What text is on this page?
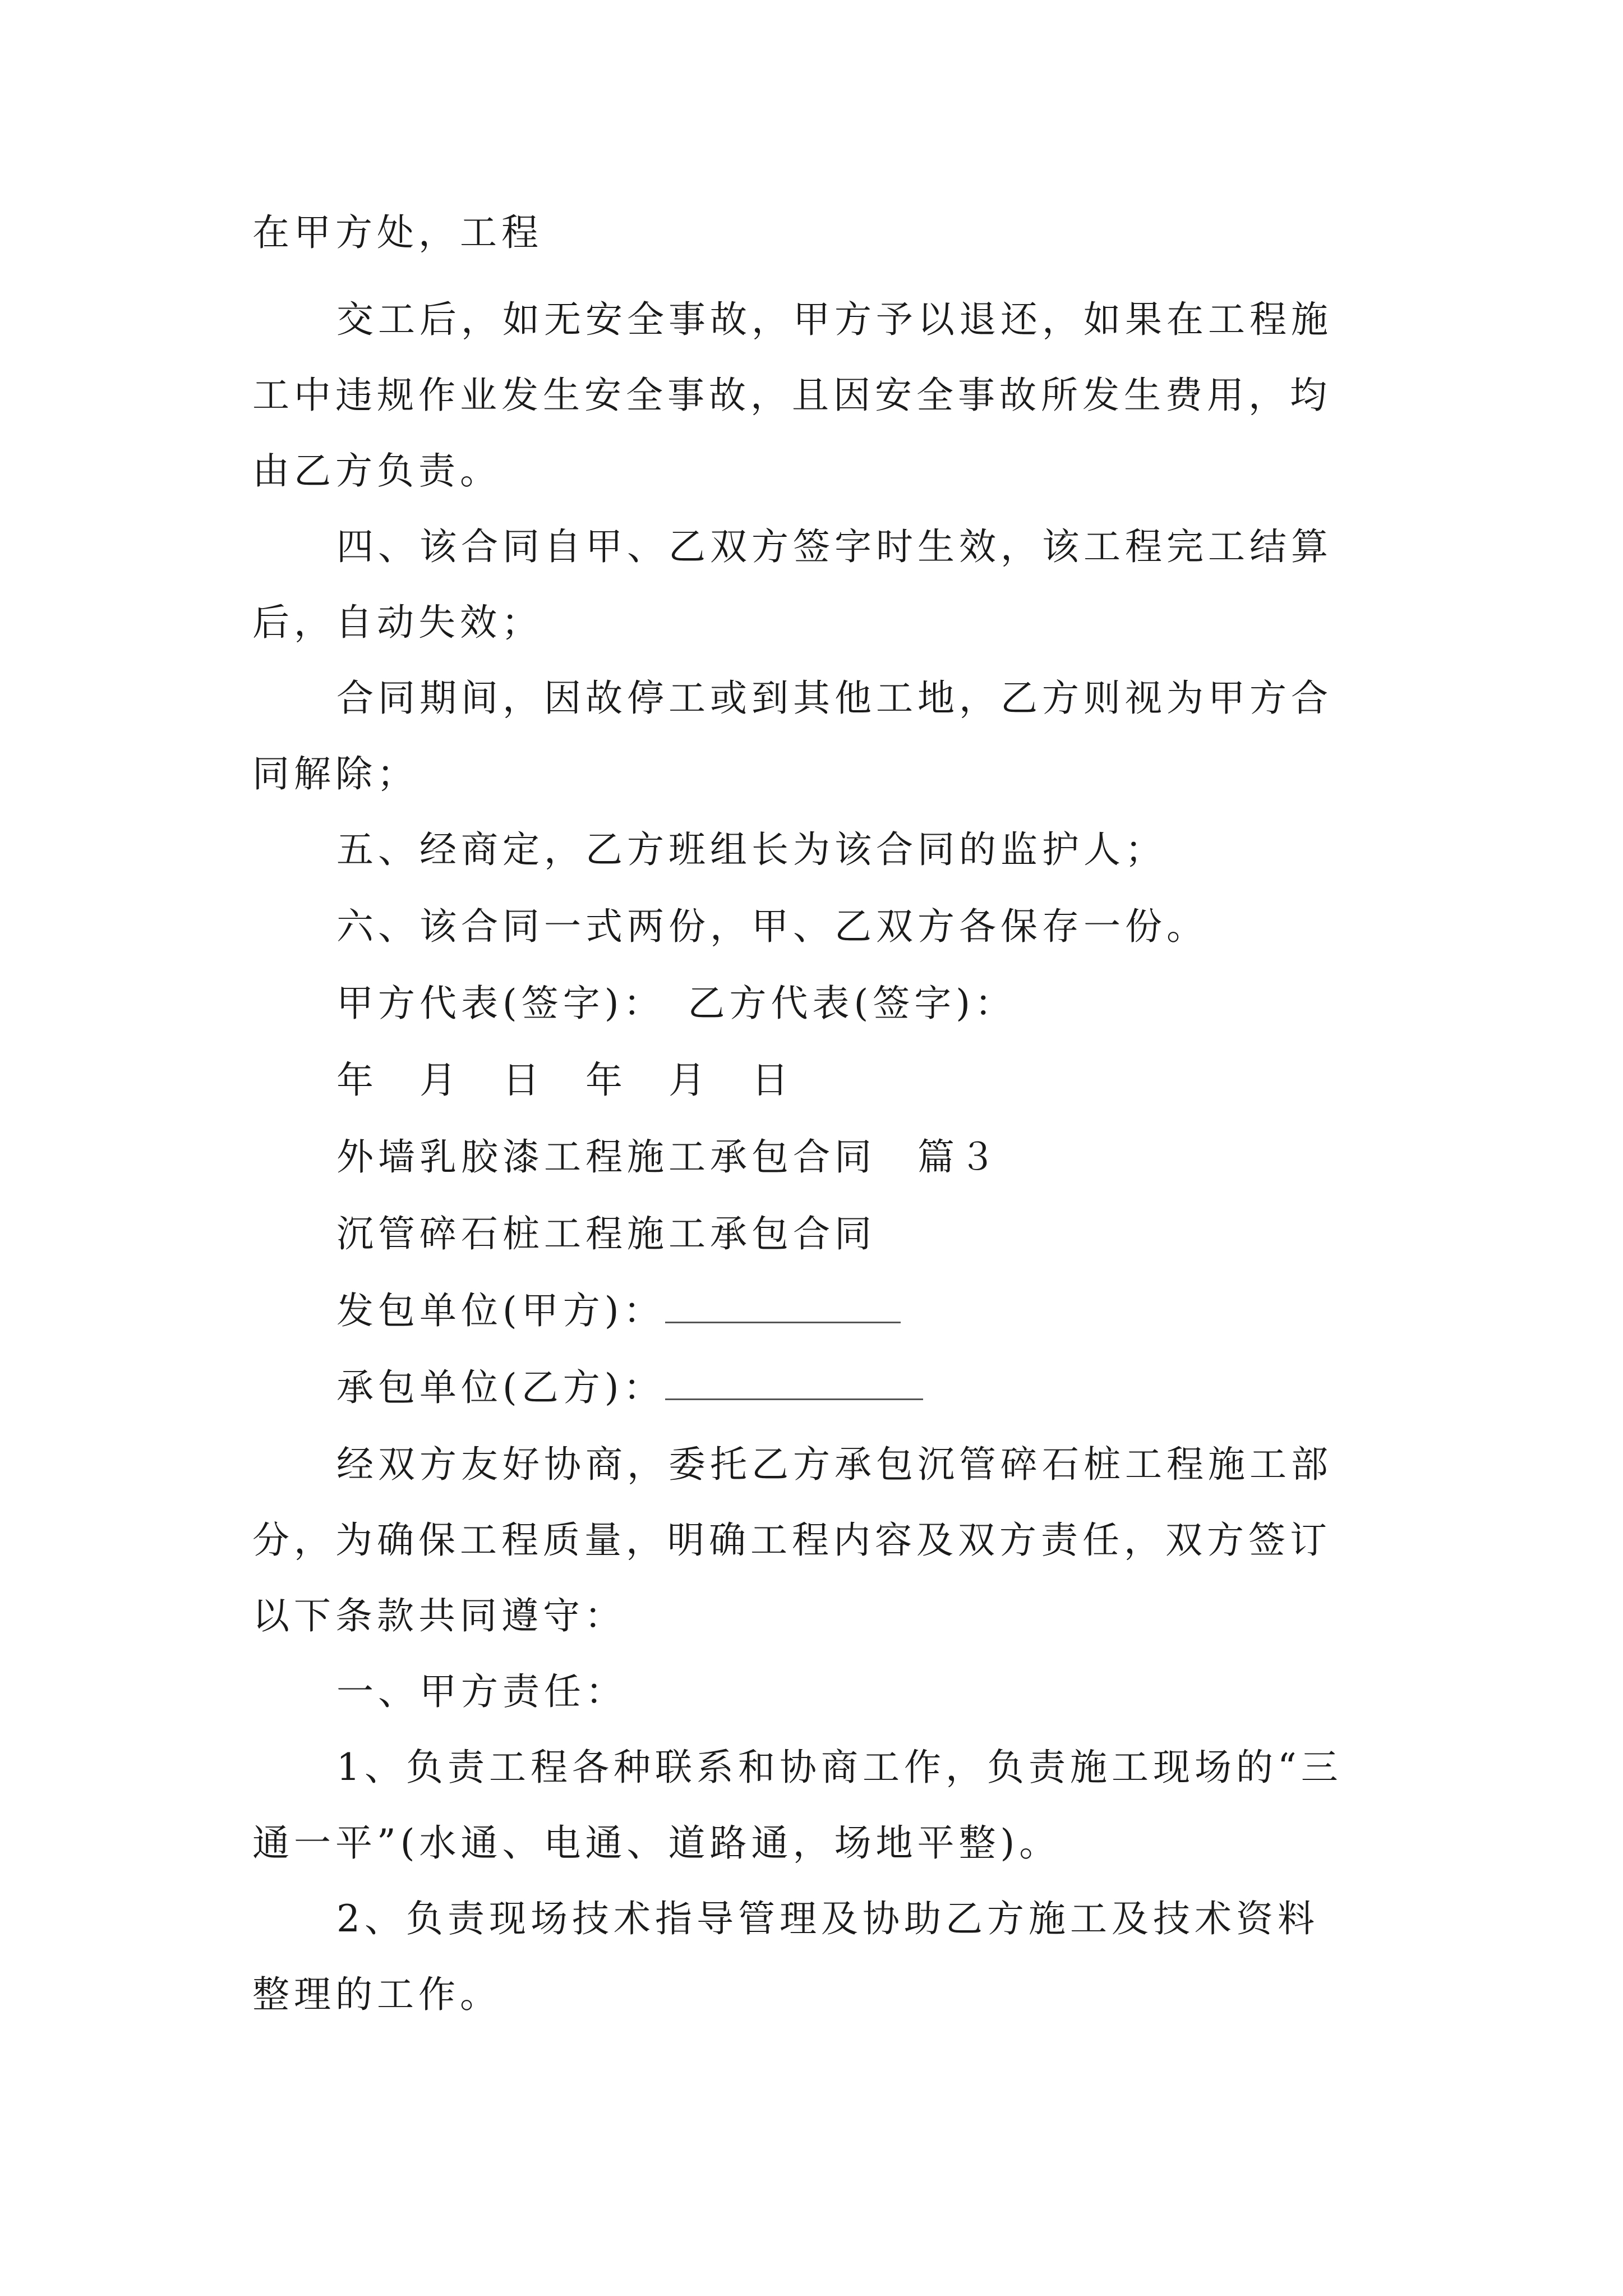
在甲方处，工程
交工后，如无安全事故，甲方予以退还，如果在工程施
工中违规作业发生安全事故，且因安全事故所发生费用，均
由乙方负责。
四、该合同自甲、乙双方签字时生效，该工程完工结算
后，自动失效；
合同期间，因故停工或到其他工地，乙方则视为甲方合
同解除；
五、经商定，乙方班组长为该合同的监护人；
六、该合同一式两份，甲、乙双方各保存一份。
甲方代表(签字)：　乙方代表(签字)：
年　月　日　年　月　日
外墙乳胶漆工程施工承包合同　篇３
沉管碎石桩工程施工承包合同
发包单位(甲方)：
承包单位(乙方)：
经双方友好协商，委托乙方承包沉管碎石桩工程施工部
分，为确保工程质量，明确工程内容及双方责任，双方签订
以下条款共同遵守：
一、甲方责任：
1、负责工程各种联系和协商工作，负责施工现场的“三
通一平”(水通、电通、道路通，场地平整)。
2、负责现场技术指导管理及协助乙方施工及技术资料
整理的工作。
